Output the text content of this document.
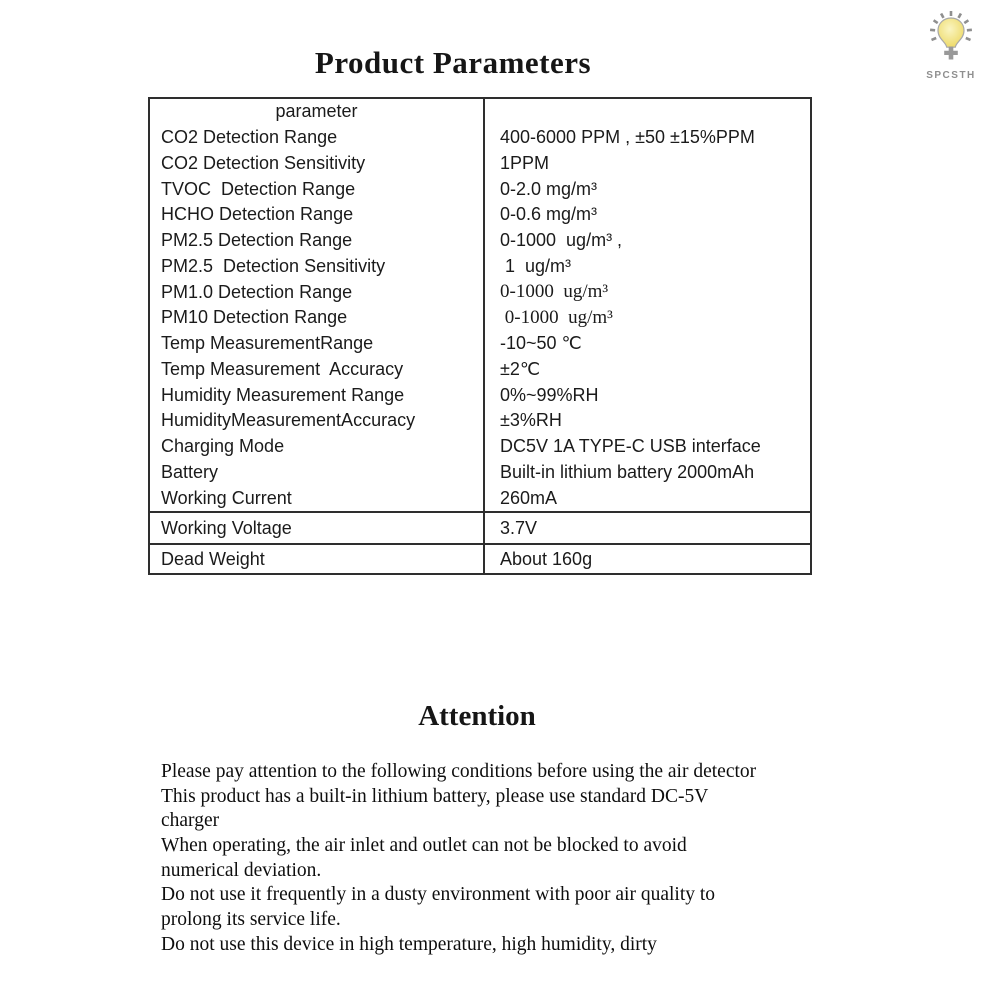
Product Parameters	SPCSTH
parameter
CO2 Detection Range	400-6000 PPM , ±50 ±15%PPM
CO2 Detection Sensitivity	1PPM
TVOC  Detection Range	0-2.0 mg/m³
HCHO Detection Range	0-0.6 mg/m³
PM2.5 Detection Range	0-1000  ug/m³ ,
PM2.5  Detection Sensitivity	1  ug/m³
PM1.0 Detection Range	0-1000  ug/m³
PM10 Detection Range	0-1000  ug/m³
Temp MeasurementRange	-10~50 ℃
Temp Measurement  Accuracy	±2℃
Humidity Measurement Range	0%~99%RH
HumidityMeasurementAccuracy	±3%RH
Charging Mode	DC5V 1A TYPE-C USB interface
Battery	Built-in lithium battery 2000mAh
Working Current	260mA
Working Voltage	3.7V
Dead Weight	About 160g
Attention
Please pay attention to the following conditions before using the air detector
This product has a built-in lithium battery, please use standard DC-5V
charger
When operating, the air inlet and outlet can not be blocked to avoid
numerical deviation.
Do not use it frequently in a dusty environment with poor air quality to
prolong its service life.
Do not use this device in high temperature, high humidity, dirty
